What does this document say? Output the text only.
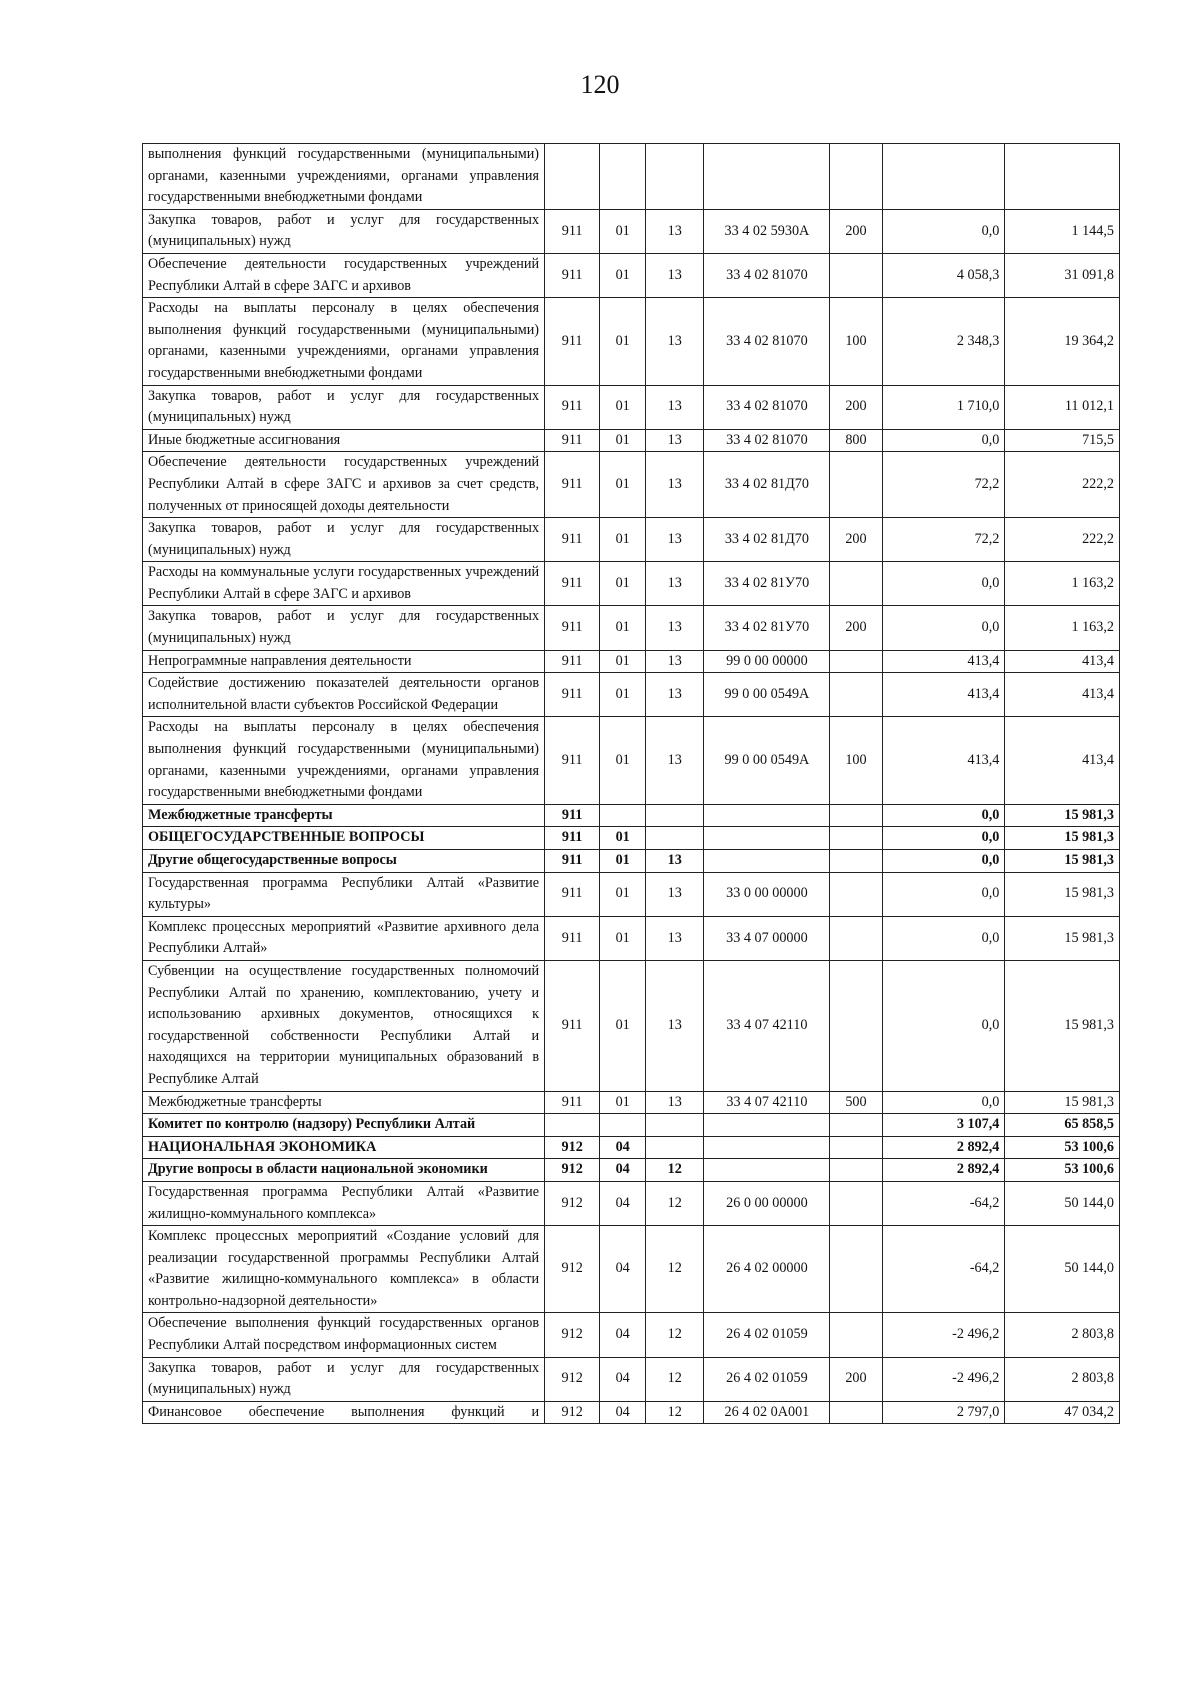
120
выполнения функций государственными (муниципальными) органами, казенными учреждениями, органами управления государственными внебюджетными фондами							
Закупка товаров, работ и услуг для государственных (муниципальных) нужд	911	01	13	33 4 02 5930А	200	0,0	1 144,5
Обеспечение деятельности государственных учреждений Республики Алтай в сфере ЗАГС и архивов	911	01	13	33 4 02 81070		4 058,3	31 091,8
Расходы на выплаты персоналу в целях обеспечения выполнения функций государственными (муниципальными) органами, казенными учреждениями, органами управления государственными внебюджетными фондами	911	01	13	33 4 02 81070	100	2 348,3	19 364,2
Закупка товаров, работ и услуг для государственных (муниципальных) нужд	911	01	13	33 4 02 81070	200	1 710,0	11 012,1
Иные бюджетные ассигнования	911	01	13	33 4 02 81070	800	0,0	715,5
Обеспечение деятельности государственных учреждений Республики Алтай в сфере ЗАГС и архивов за счет средств, полученных от приносящей доходы деятельности	911	01	13	33 4 02 81Д70		72,2	222,2
Закупка товаров, работ и услуг для государственных (муниципальных) нужд	911	01	13	33 4 02 81Д70	200	72,2	222,2
Расходы на коммунальные услуги государственных учреждений Республики Алтай в сфере ЗАГС и архивов	911	01	13	33 4 02 81У70		0,0	1 163,2
Закупка товаров, работ и услуг для государственных (муниципальных) нужд	911	01	13	33 4 02 81У70	200	0,0	1 163,2
Непрограммные направления деятельности	911	01	13	99 0 00 00000		413,4	413,4
Содействие достижению показателей деятельности органов исполнительной власти субъектов Российской Федерации	911	01	13	99 0 00 0549А		413,4	413,4
Расходы на выплаты персоналу в целях обеспечения выполнения функций государственными (муниципальными) органами, казенными учреждениями, органами управления государственными внебюджетными фондами	911	01	13	99 0 00 0549А	100	413,4	413,4
Межбюджетные трансферты	911					0,0	15 981,3
ОБЩЕГОСУДАРСТВЕННЫЕ ВОПРОСЫ	911	01				0,0	15 981,3
Другие общегосударственные вопросы	911	01	13			0,0	15 981,3
Государственная программа Республики Алтай «Развитие культуры»	911	01	13	33 0 00 00000		0,0	15 981,3
Комплекс процессных мероприятий «Развитие архивного дела Республики Алтай»	911	01	13	33 4 07 00000		0,0	15 981,3
Субвенции на осуществление государственных полномочий Республики Алтай по хранению, комплектованию, учету и использованию архивных документов, относящихся к государственной собственности Республики Алтай и находящихся на территории муниципальных образований в Республике Алтай	911	01	13	33 4 07 42110		0,0	15 981,3
Межбюджетные трансферты	911	01	13	33 4 07 42110	500	0,0	15 981,3
Комитет по контролю (надзору) Республики Алтай						3 107,4	65 858,5
НАЦИОНАЛЬНАЯ ЭКОНОМИКА	912	04				2 892,4	53 100,6
Другие вопросы в области национальной экономики	912	04	12			2 892,4	53 100,6
Государственная программа Республики Алтай «Развитие жилищно-коммунального комплекса»	912	04	12	26 0 00 00000		-64,2	50 144,0
Комплекс процессных мероприятий «Создание условий для реализации государственной программы Республики Алтай «Развитие жилищно-коммунального комплекса» в области контрольно-надзорной деятельности»	912	04	12	26 4 02 00000		-64,2	50 144,0
Обеспечение выполнения функций государственных органов Республики Алтай посредством информационных систем	912	04	12	26 4 02 01059		-2 496,2	2 803,8
Закупка товаров, работ и услуг для государственных (муниципальных) нужд	912	04	12	26 4 02 01059	200	-2 496,2	2 803,8
Финансовое обеспечение выполнения функций и	912	04	12	26 4 02 0А001		2 797,0	47 034,2
